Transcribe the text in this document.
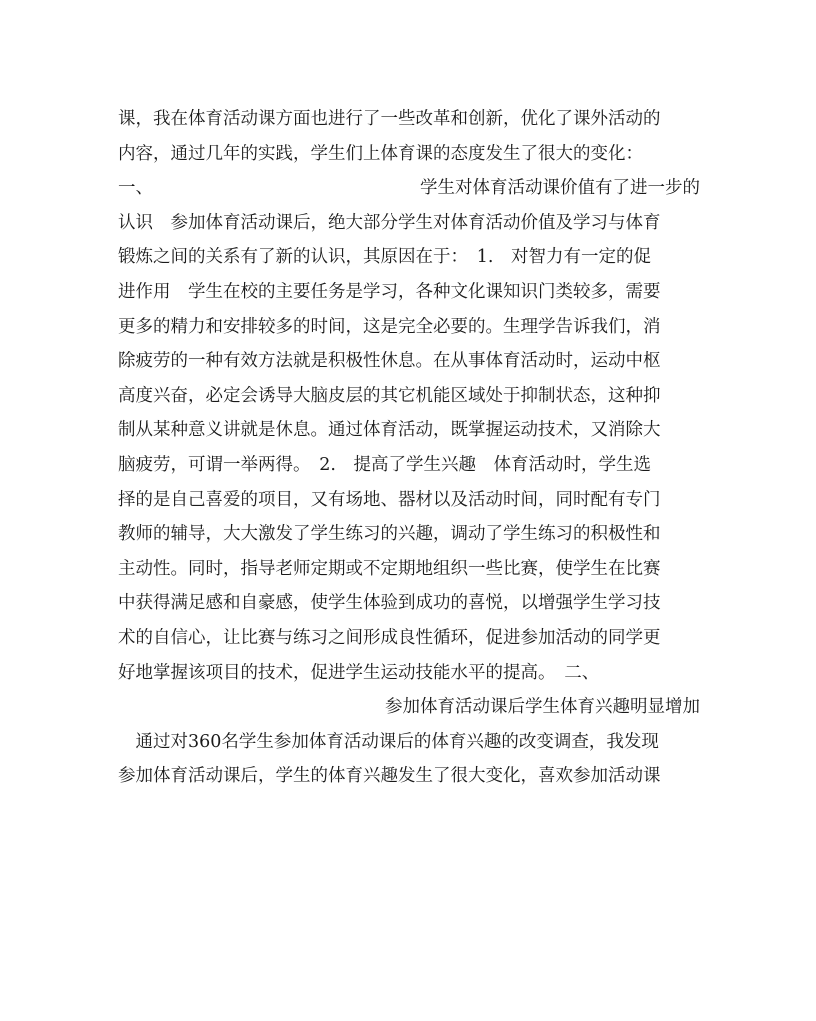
课，我在体育活动课方面也进行了一些改革和创新，优化了课外活动的
内容，通过几年的实践，学生们上体育课的态度发生了很大的变化：
一、	学生对体育活动课价值有了进一步的
认识　参加体育活动课后，绝大部分学生对体育活动价值及学习与体育
锻炼之间的关系有了新的认识，其原因在于：　1.　对智力有一定的促
进作用　学生在校的主要任务是学习，各种文化课知识门类较多，需要
更多的精力和安排较多的时间，这是完全必要的。生理学告诉我们，消
除疲劳的一种有效方法就是积极性休息。在从事体育活动时，运动中枢
高度兴奋，必定会诱导大脑皮层的其它机能区域处于抑制状态，这种抑
制从某种意义讲就是休息。通过体育活动，既掌握运动技术，又消除大
脑疲劳，可谓一举两得。　2.　提高了学生兴趣　体育活动时，学生选
择的是自己喜爱的项目，又有场地、器材以及活动时间，同时配有专门
教师的辅导，大大激发了学生练习的兴趣，调动了学生练习的积极性和
主动性。同时，指导老师定期或不定期地组织一些比赛，使学生在比赛
中获得满足感和自豪感，使学生体验到成功的喜悦，以增强学生学习技
术的自信心，让比赛与练习之间形成良性循环，促进参加活动的同学更
好地掌握该项目的技术，促进学生运动技能水平的提高。　二、
参加体育活动课后学生体育兴趣明显增加
　通过对360名学生参加体育活动课后的体育兴趣的改变调查，我发现
参加体育活动课后，学生的体育兴趣发生了很大变化，喜欢参加活动课
